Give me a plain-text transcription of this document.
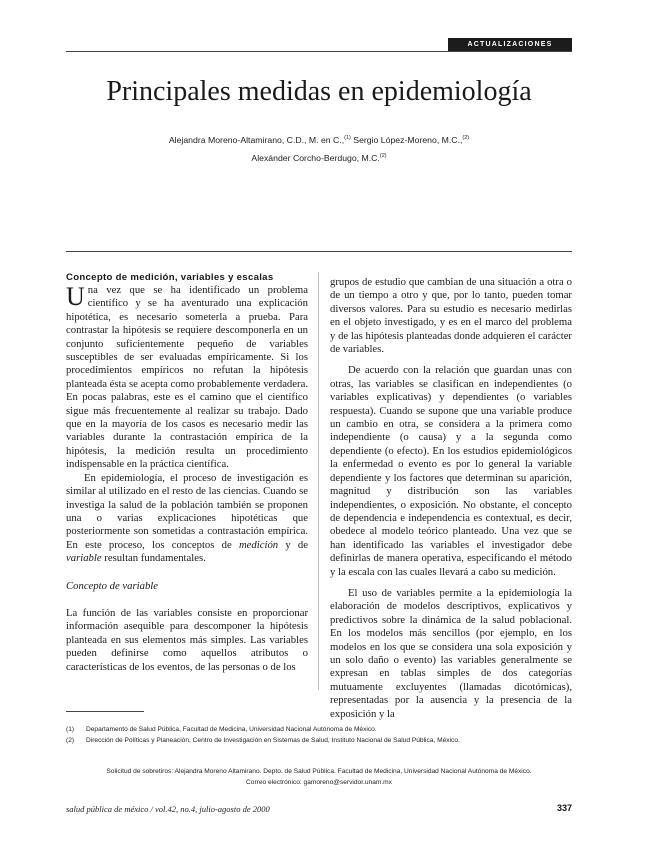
ACTUALIZACIONES
Principales medidas en epidemiología
Alejandra Moreno-Altamirano, C.D., M. en C.,$^{(1)}$ Sergio López-Moreno, M.C.,$^{(2)}$
Alexánder Corcho-Berdugo, M.C.$^{(2)}$

Concepto de medición, variables y escalas

Una vez que se ha identificado un problema científico y se ha aventurado una explicación hipotética, es necesario someterla a prueba. Para contrastar la hipótesis se requiere descomponerla en un conjunto suficientemente pequeño de variables susceptibles de ser evaluadas empíricamente. Si los procedimientos empíricos no refutan la hipótesis planteada ésta se acepta como probablemente verdadera. En pocas palabras, este es el camino que el científico sigue más frecuentemente al realizar su trabajo. Dado que en la mayoría de los casos es necesario medir las variables durante la contrastación empírica de la hipótesis, la medición resulta un procedimiento indispensable en la práctica científica.

En epidemiología, el proceso de investigación es similar al utilizado en el resto de las ciencias. Cuando se investiga la salud de la población también se proponen una o varias explicaciones hipotéticas que posteriormente son sometidas a contrastación empírica. En este proceso, los conceptos de medición y de variable resultan fundamentales.

Concepto de variable

La función de las variables consiste en proporcionar información asequible para descomponer la hipótesis planteada en sus elementos más simples. Las variables pueden definirse como aquellos atributos o características de los eventos, de las personas o de los

grupos de estudio que cambian de una situación a otra o de un tiempo a otro y que, por lo tanto, pueden tomar diversos valores. Para su estudio es necesario medirlas en el objeto investigado, y es en el marco del problema y de las hipótesis planteadas donde adquieren el carácter de variables.

De acuerdo con la relación que guardan unas con otras, las variables se clasifican en independientes (o variables explicativas) y dependientes (o variables respuesta). Cuando se supone que una variable produce un cambio en otra, se considera a la primera como independiente (o causa) y a la segunda como dependiente (o efecto). En los estudios epidemiológicos la enfermedad o evento es por lo general la variable dependiente y los factores que determinan su aparición, magnitud y distribución son las variables independientes, o exposición. No obstante, el concepto de dependencia e independencia es contextual, es decir, obedece al modelo teórico planteado. Una vez que se han identificado las variables el investigador debe definirlas de manera operativa, especificando el método y la escala con las cuales llevará a cabo su medición.

El uso de variables permite a la epidemiología la elaboración de modelos descriptivos, explicativos y predictivos sobre la dinámica de la salud poblacional. En los modelos más sencillos (por ejemplo, en los modelos en los que se considera una sola exposición y un solo daño o evento) las variables generalmente se expresan en tablas simples de dos categorías mutuamente excluyentes (llamadas dicotómicas), representadas por la ausencia y la presencia de la exposición y la

(1)	Departamento de Salud Pública, Facultad de Medicina, Universidad Nacional Autónoma de México.
(2)	Dirección de Políticas y Planeación, Centro de Investigación en Sistemas de Salud, Instituto Nacional de Salud Pública, México.
Solicitud de sobretiros: Alejandra Moreno Altamirano. Depto. de Salud Pública. Facultad de Medicina, Universidad Nacional Autónoma de México.
Correo electrónico: gamoreno@servidor.unam.mx
salud pública de méxico / vol.42, no.4, julio-agosto de 2000	337
